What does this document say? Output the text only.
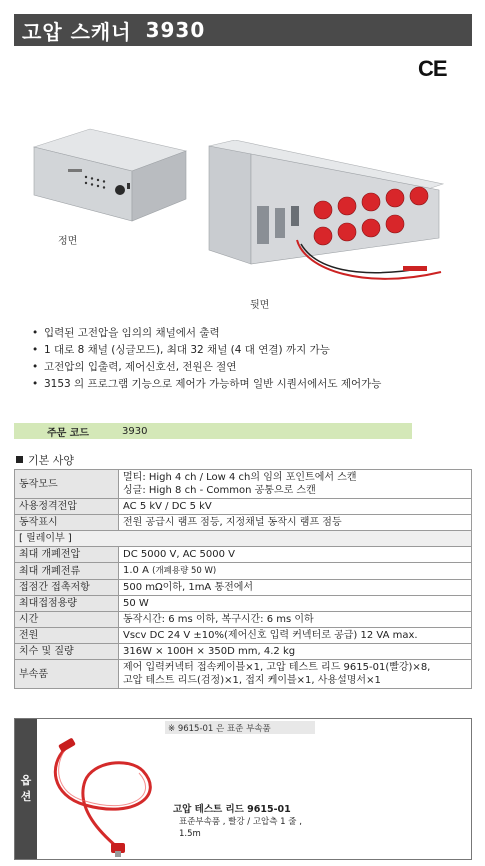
고압 스캐너 3930
CE
정면
뒷면
• 입력된 고전압을 임의의 채널에서 출력
• 1 대로 8 채널 (싱글모드), 최대 32 채널 (4 대 연결) 까지 가능
• 고전압의 입출력, 제어신호선, 전원은 절연
• 3153 의 프로그램 기능으로 제어가 가능하며 일반 시퀀서에서도 제어가능
주문 코드	3930
기본 사양
동작모드	멀티: High 4 ch / Low 4 ch의 임의 포인트에서 스캔
싱글: High 8 ch - Common 공통으로 스캔

사용정격전압	AC 5 kV / DC 5 kV
동작표시	전원 공급시 램프 점등, 지정채널 동작시 램프 점등
[ 릴레이부 ]	
최대 개폐전압	DC 5000 V, AC 5000 V
최대 개폐전류	1.0 A (개폐용량 50 W)
접점간 접촉저항	500 mΩ이하, 1mA 통전에서
최대접점용량	50 W
시간	동작시간: 6 ms 이하, 복구시간: 6 ms 이하
전원	Vscv DC 24 V ±10%(제어신호 입력 커넥터로 공급) 12 VA max.
치수 및 질량	316W × 100H × 350D mm, 4.2 kg
부속품	제어 입력커넥터 접속케이블×1, 고압 테스트 리드 9615-01(빨강)×8,
고압 테스트 리드(검정)×1, 접지 케이블×1, 사용설명서×1
옵
션
※ 9615-01 은 표준 부속품
고압 테스트 리드 9615-01
표준부속품 , 빨강 / 고압측 1 줄 ,
1.5m
